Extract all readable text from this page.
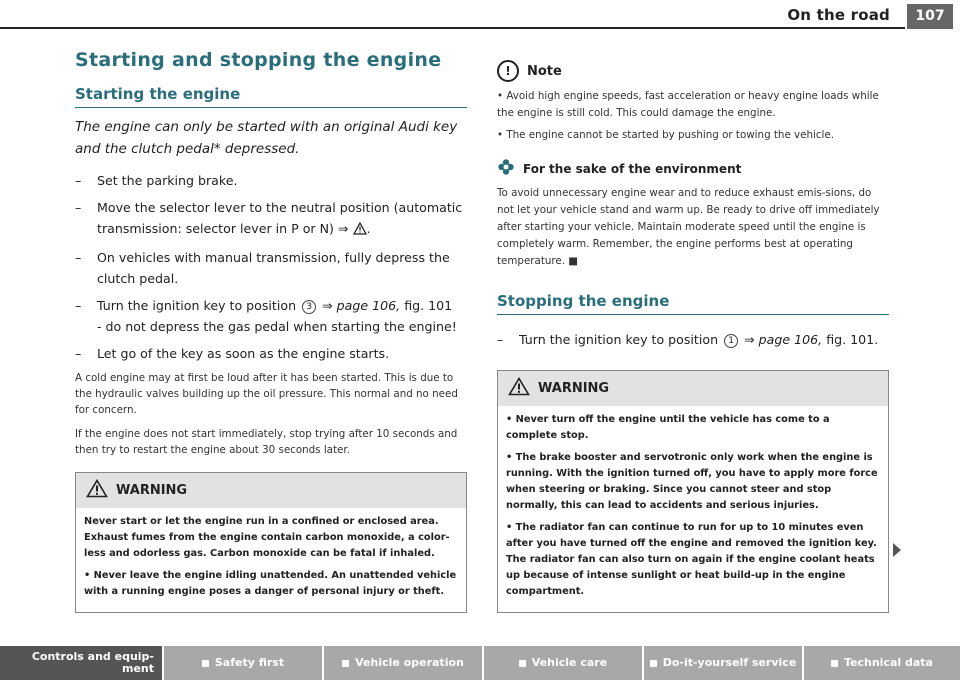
On the road	107
Starting and stopping the engine
Starting the engine
The engine can only be started with an original Audi key and the clutch pedal* depressed.
– Set the parking brake.
– Move the selector lever to the neutral position (automatic transmission: selector lever in P or N) ⇒ .
– On vehicles with manual transmission, fully depress the clutch pedal.
– Turn the ignition key to position 3 ⇒ page 106, fig. 101
- do not depress the gas pedal when starting the engine!
– Let go of the key as soon as the engine starts.

A cold engine may at first be loud after it has been started. This is due to the hydraulic valves building up the oil pressure. This normal and no need for concern.

If the engine does not start immediately, stop trying after 10 seconds and then try to restart the engine about 30 seconds later.

WARNING

Never start or let the engine run in a confined or enclosed area. Exhaust fumes from the engine contain carbon monoxide, a color-less and odorless gas. Carbon monoxide can be fatal if inhaled.

• Never leave the engine idling unattended. An unattended vehicle with a running engine poses a danger of personal injury or theft.

!	Note

• Avoid high engine speeds, fast acceleration or heavy engine loads while the engine is still cold. This could damage the engine.

• The engine cannot be started by pushing or towing the vehicle.

For the sake of the environment

To avoid unnecessary engine wear and to reduce exhaust emis-sions, do not let your vehicle stand and warm up. Be ready to drive off immediately after starting your vehicle. Maintain moderate speed until the engine is completely warm. Remember, the engine performs best at operating temperature. ■

Stopping the engine
– Turn the ignition key to position 1 ⇒ page 106, fig. 101.
WARNING

• Never turn off the engine until the vehicle has come to a complete stop.

• The brake booster and servotronic only work when the engine is running. With the ignition turned off, you have to apply more force when steering or braking. Since you cannot steer and stop normally, this can lead to accidents and serious injuries.

• The radiator fan can continue to run for up to 10 minutes even after you have turned off the engine and removed the ignition key. The radiator fan can also turn on again if the engine coolant heats up because of intense sunlight or heat build-up in the engine compartment.

Controls and equip-ment	Safety first	Vehicle operation	Vehicle care	Do-it-yourself service	Technical data
